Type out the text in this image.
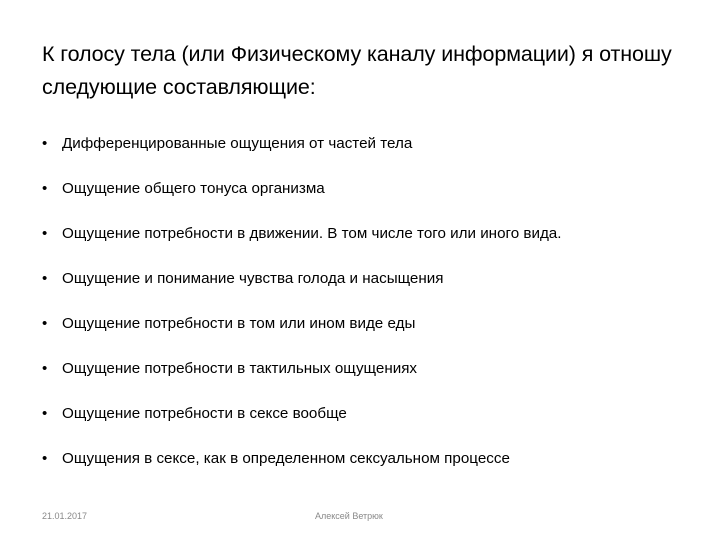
К голосу тела (или Физическому каналу информации) я отношу следующие составляющие:
• Дифференцированные ощущения от частей тела
• Ощущение общего тонуса организма
• Ощущение потребности в движении. В том числе того или иного вида.
• Ощущение и понимание чувства голода и насыщения
• Ощущение потребности в том или ином виде еды
• Ощущение потребности в тактильных ощущениях
• Ощущение потребности в сексе вообще
• Ощущения в сексе, как в определенном сексуальном процессе
21.01.2017	Алексей Ветрюк
